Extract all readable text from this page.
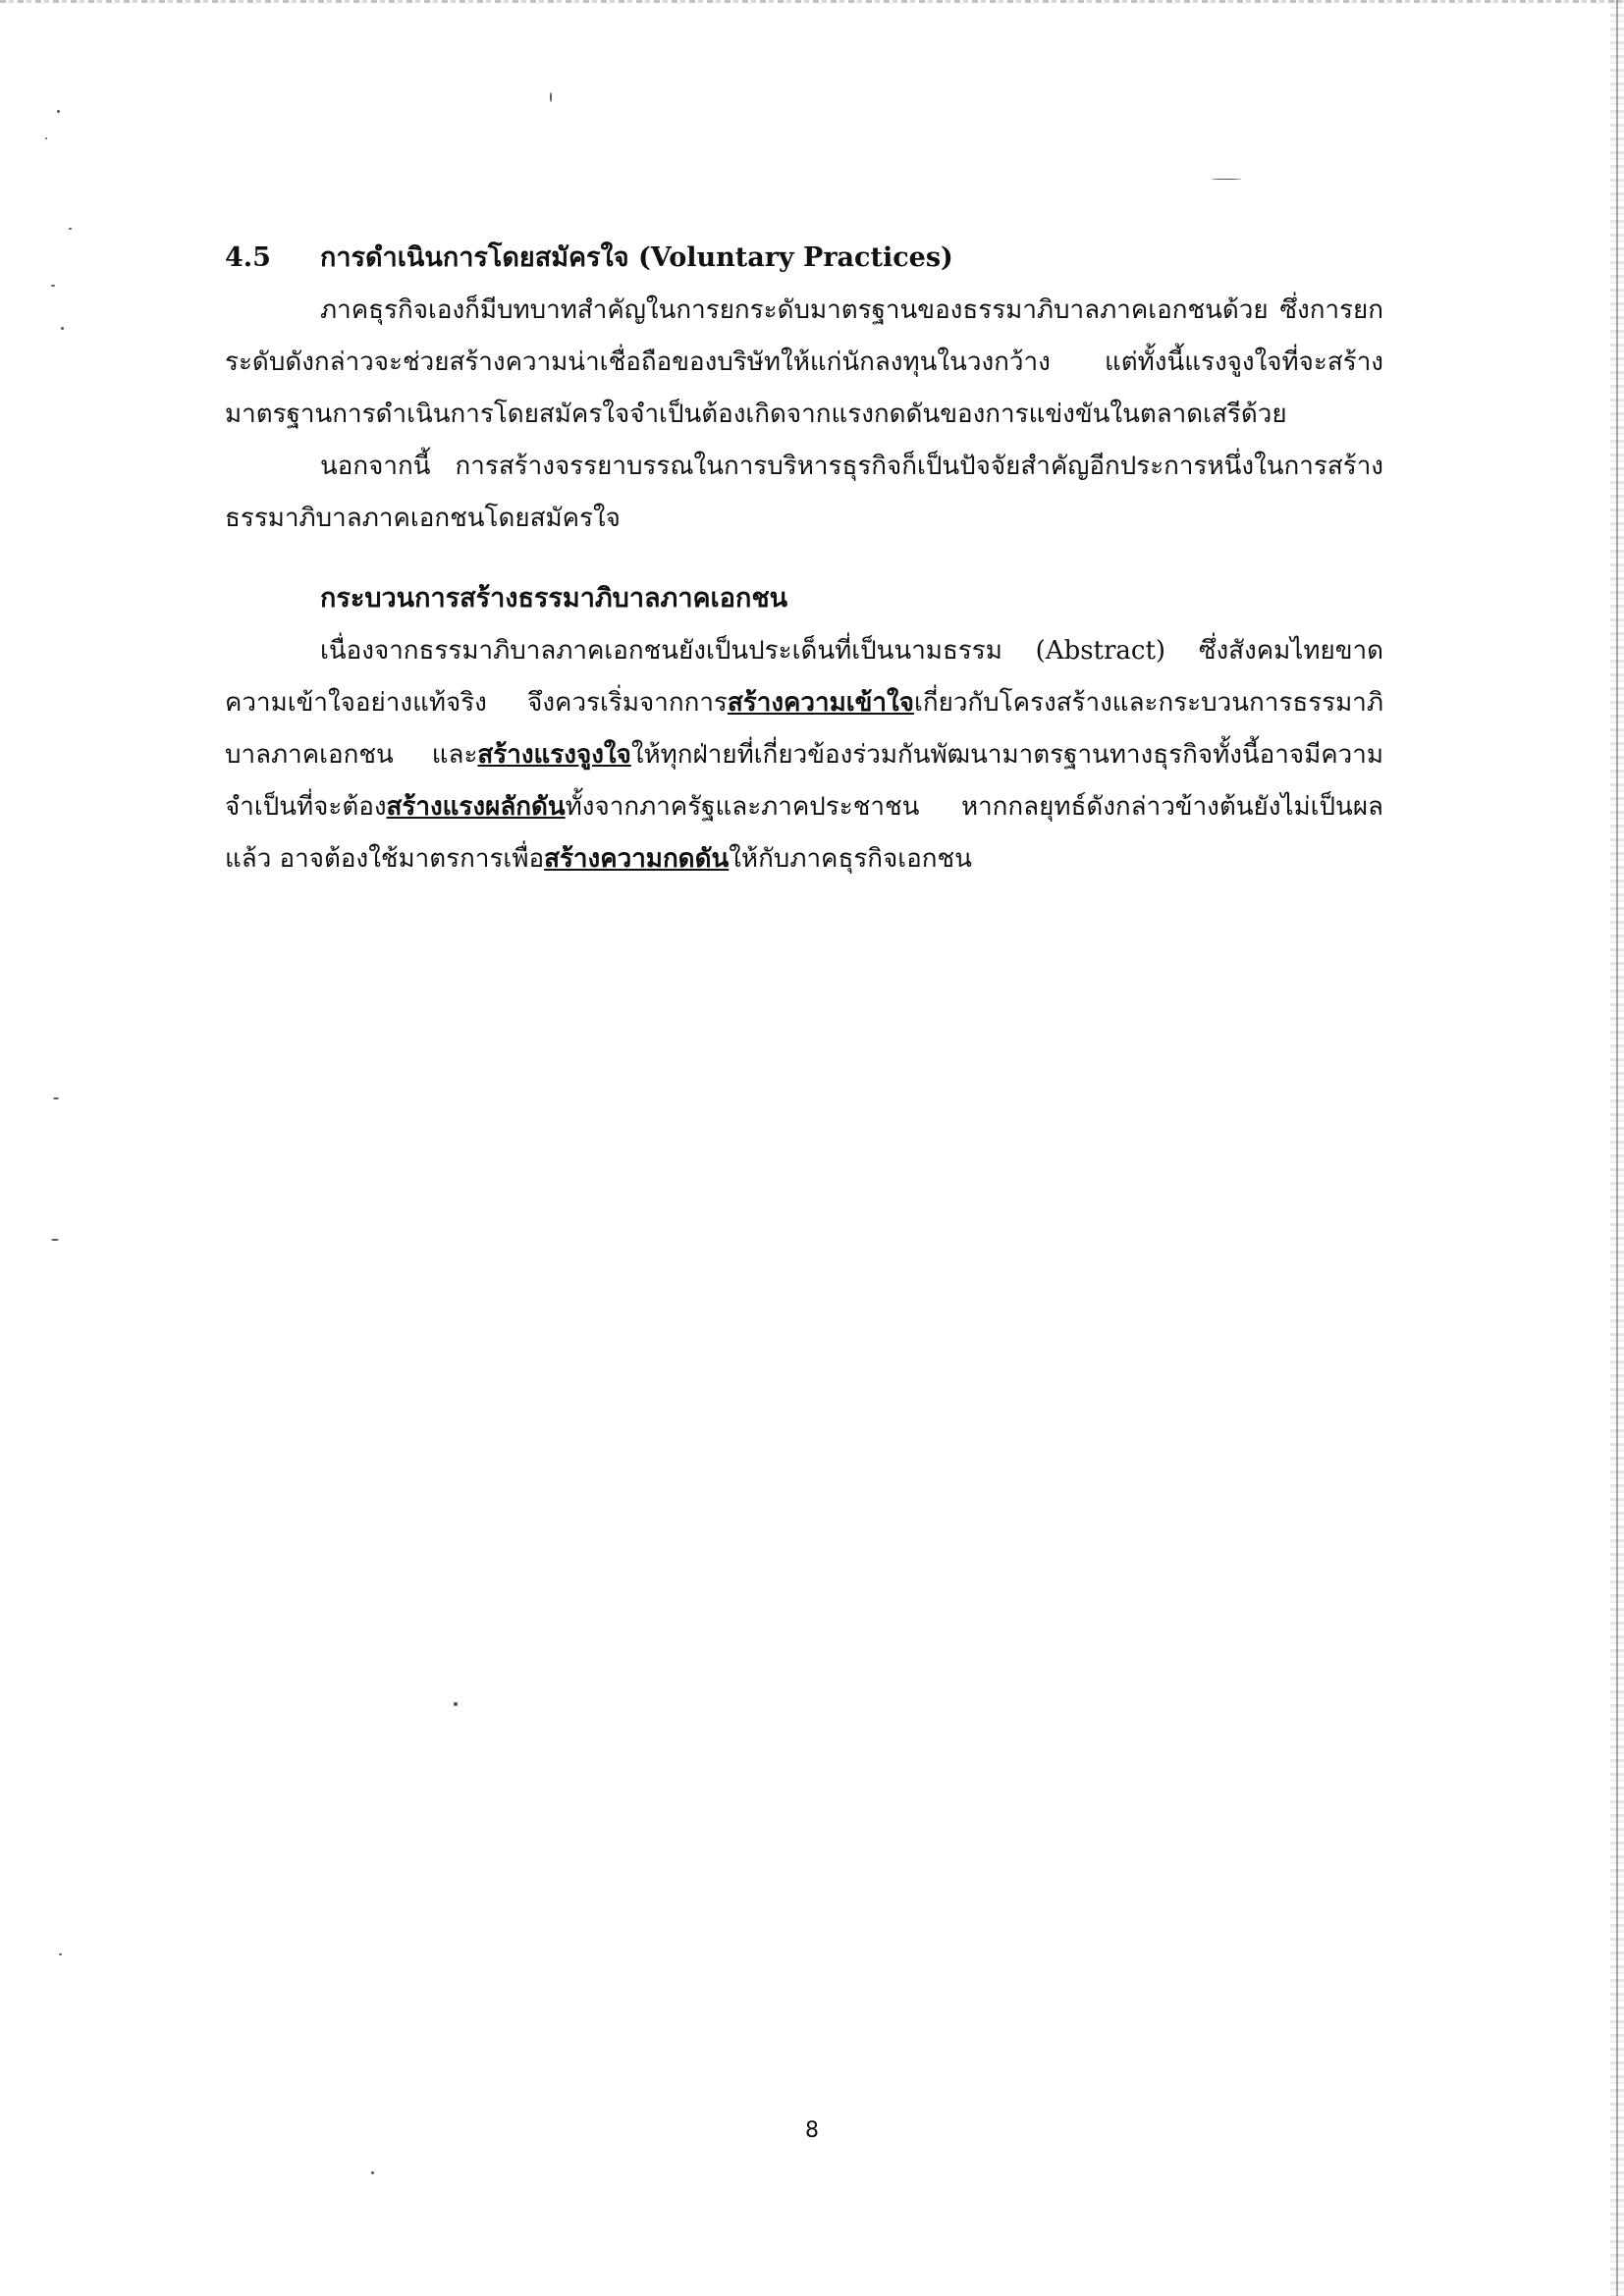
4.5 การดำเนินการโดยสมัครใจ (Voluntary Practices)

ภาคธุรกิจเองก็มีบทบาทสำคัญในการยกระดับมาตรฐานของธรรมาภิบาลภาคเอกชนด้วย ซึ่งการยกระดับดังกล่าวจะช่วยสร้างความน่าเชื่อถือของบริษัทให้แก่นักลงทุนในวงกว้าง แต่ทั้งนี้แรงจูงใจที่จะสร้างมาตรฐานการดำเนินการโดยสมัครใจจำเป็นต้องเกิดจากแรงกดดันของการแข่งขันในตลาดเสรีด้วย

นอกจากนี้ การสร้างจรรยาบรรณในการบริหารธุรกิจก็เป็นปัจจัยสำคัญอีกประการหนึ่งในการสร้างธรรมาภิบาลภาคเอกชนโดยสมัครใจ

กระบวนการสร้างธรรมาภิบาลภาคเอกชน

เนื่องจากธรรมาภิบาลภาคเอกชนยังเป็นประเด็นที่เป็นนามธรรม (Abstract) ซึ่งสังคมไทยขาดความเข้าใจอย่างแท้จริง จึงควรเริ่มจากการสร้างความเข้าใจเกี่ยวกับโครงสร้างและกระบวนการธรรมาภิบาลภาคเอกชน และสร้างแรงจูงใจให้ทุกฝ่ายที่เกี่ยวข้องร่วมกันพัฒนามาตรฐานทางธุรกิจทั้งนี้อาจมีความจำเป็นที่จะต้องสร้างแรงผลักดันทั้งจากภาครัฐและภาคประชาชน หากกลยุทธ์ดังกล่าวข้างต้นยังไม่เป็นผลแล้ว อาจต้องใช้มาตรการเพื่อสร้างความกดดันให้กับภาคธุรกิจเอกชน

8
